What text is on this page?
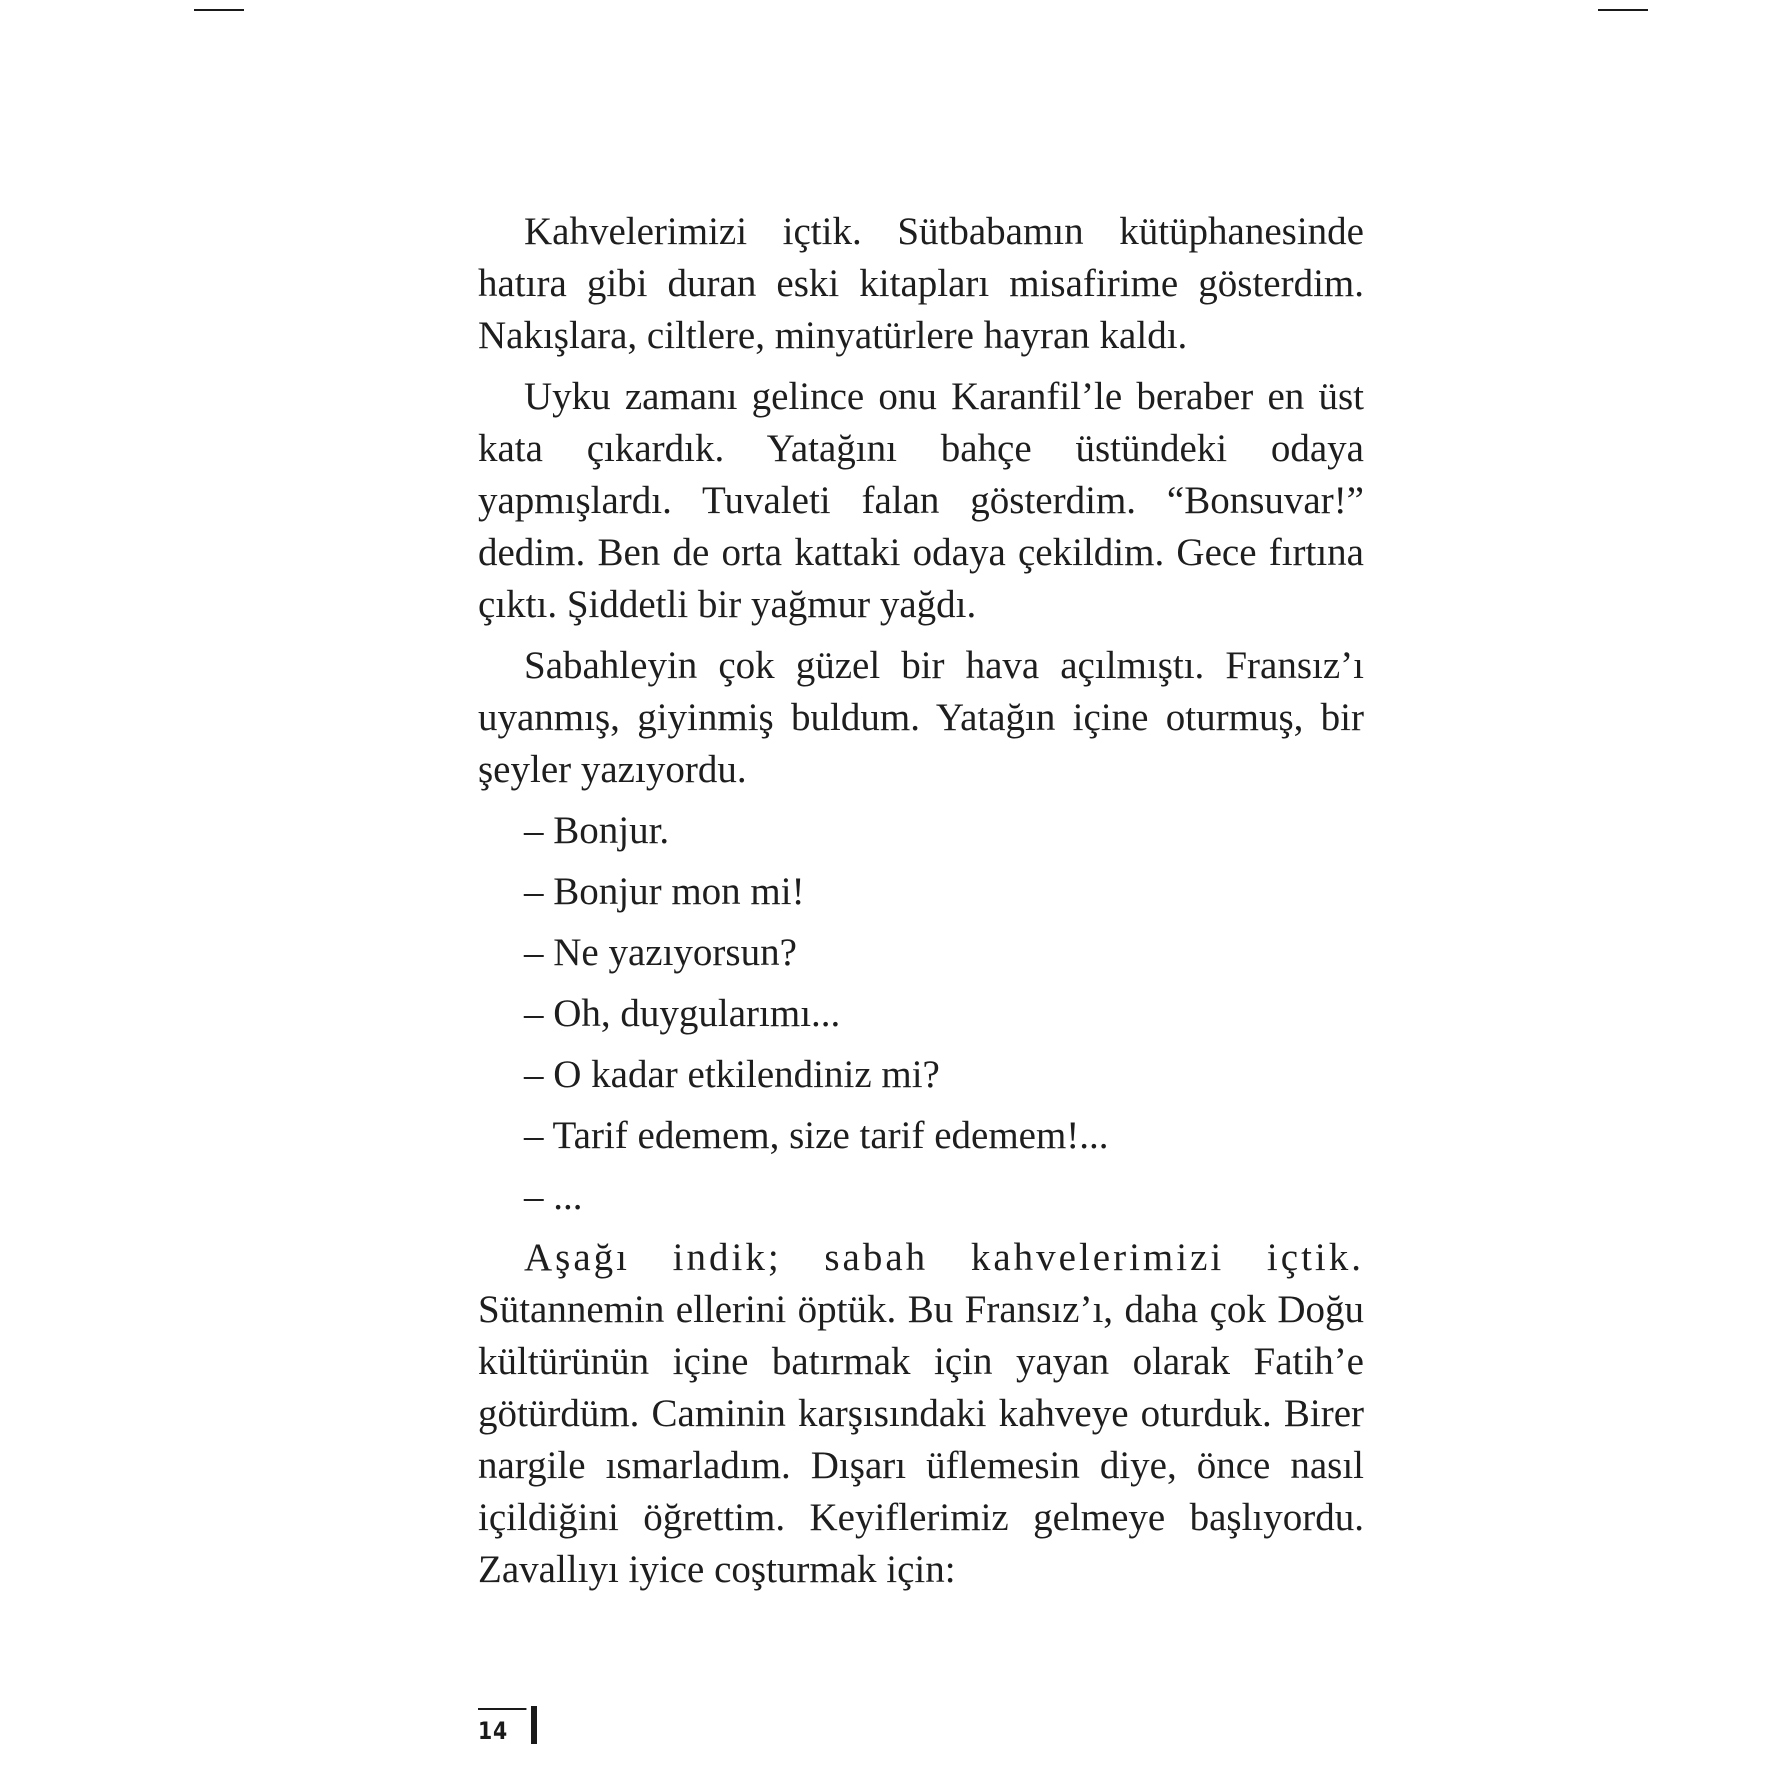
Kahvelerimizi içtik. Sütbabamın kütüphanesinde hatıra gibi duran eski kitapları misafirime gösterdim. Nakışlara, ciltlere, minyatürlere hayran kaldı.

Uyku zamanı gelince onu Karanfil’le beraber en üst kata çıkardık. Yatağını bahçe üstündeki odaya yapmışlardı. Tuvaleti falan gösterdim. “Bonsuvar!” dedim. Ben de orta kattaki odaya çekildim. Gece fırtına çıktı. Şiddetli bir yağmur yağdı.

Sabahleyin çok güzel bir hava açılmıştı. Fransız’ı uyanmış, giyinmiş buldum. Yatağın içine oturmuş, bir şeyler yazıyordu.

– Bonjur.
– Bonjur mon mi!
– Ne yazıyorsun?
– Oh, duygularımı...
– O kadar etkilendiniz mi?
– Tarif edemem, size tarif edemem!...
– ...

Aşağı indik; sabah kahvelerimizi içtik.
Sütannemin ellerini öptük. Bu Fransız’ı, daha çok Doğu kültürünün içine batırmak için yayan olarak Fatih’e götürdüm. Caminin karşısındaki kahveye oturduk. Birer nargile ısmarladım. Dışarı üflemesin diye, önce nasıl içildiğini öğrettim. Keyiflerimiz gelmeye başlıyordu. Zavallıyı iyice coşturmak için:

14
